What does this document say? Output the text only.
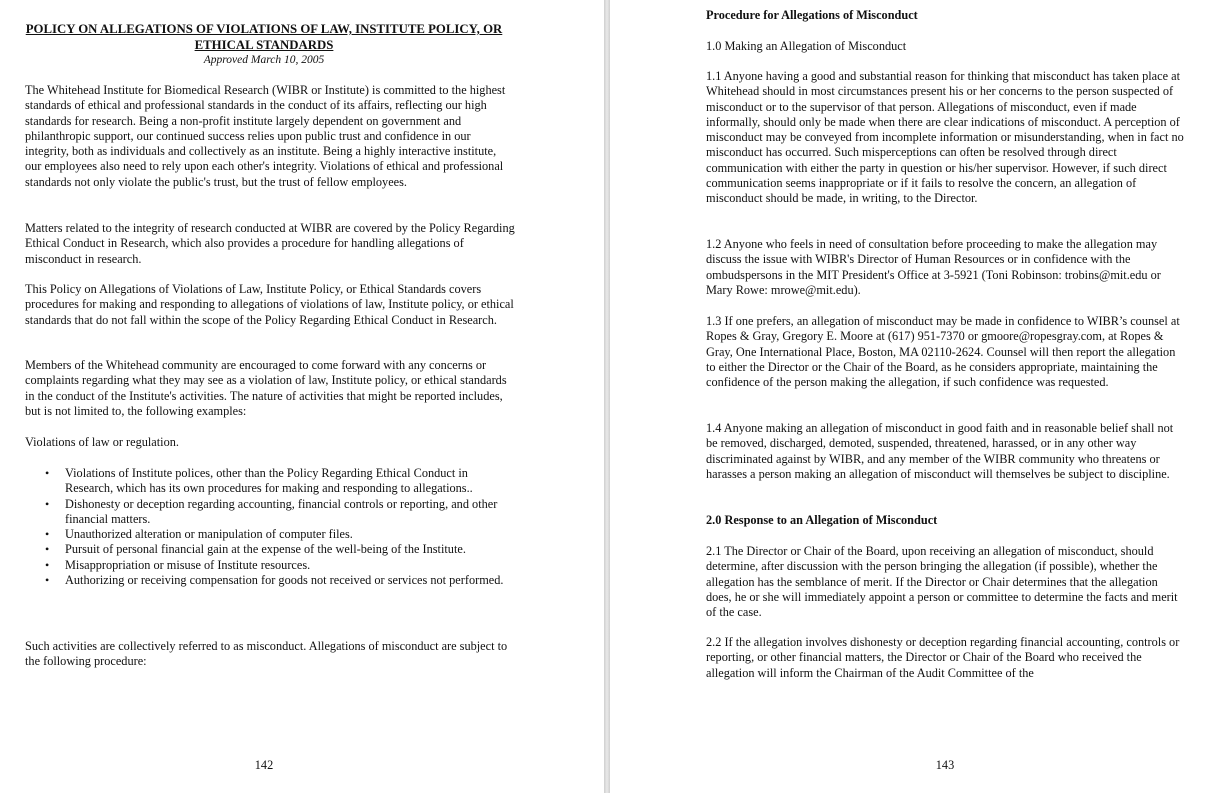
POLICY ON ALLEGATIONS OF VIOLATIONS OF LAW, INSTITUTE POLICY, OR ETHICAL STANDARDS

Approved March 10, 2005

The Whitehead Institute for Biomedical Research (WIBR or Institute) is committed to the highest standards of ethical and professional standards in the conduct of its affairs, reflecting our high standards for research. Being a non-profit institute largely dependent on government and philanthropic support, our continued success relies upon public trust and confidence in our integrity, both as individuals and collectively as an institute. Being a highly interactive institute, our employees also need to rely upon each other's integrity. Violations of ethical and professional standards not only violate the public's trust, but the trust of fellow employees.

Matters related to the integrity of research conducted at WIBR are covered by the Policy Regarding Ethical Conduct in Research, which also provides a procedure for handling allegations of misconduct in research.

This Policy on Allegations of Violations of Law, Institute Policy, or Ethical Standards covers procedures for making and responding to allegations of violations of law, Institute policy, or ethical standards that do not fall within the scope of the Policy Regarding Ethical Conduct in Research.

Members of the Whitehead community are encouraged to come forward with any concerns or complaints regarding what they may see as a violation of law, Institute policy, or ethical standards in the conduct of the Institute's activities. The nature of activities that might be reported includes, but is not limited to, the following examples:

Violations of law or regulation.

• Violations of Institute polices, other than the Policy Regarding Ethical Conduct in Research, which has its own procedures for making and responding to allegations..
• Dishonesty or deception regarding accounting, financial controls or reporting, and other financial matters.
• Unauthorized alteration or manipulation of computer files.
• Pursuit of personal financial gain at the expense of the well-being of the Institute.
• Misappropriation or misuse of Institute resources.
• Authorizing or receiving compensation for goods not received or services not performed.

Such activities are collectively referred to as misconduct. Allegations of misconduct are subject to the following procedure:

142

Procedure for Allegations of Misconduct

1.0 Making an Allegation of Misconduct

1.1 Anyone having a good and substantial reason for thinking that misconduct has taken place at Whitehead should in most circumstances present his or her concerns to the person suspected of misconduct or to the supervisor of that person. Allegations of misconduct, even if made informally, should only be made when there are clear indications of misconduct. A perception of misconduct may be conveyed from incomplete information or misunderstanding, when in fact no misconduct has occurred. Such misperceptions can often be resolved through direct communication with either the party in question or his/her supervisor. However, if such direct communication seems inappropriate or if it fails to resolve the concern, an allegation of misconduct should be made, in writing, to the Director.

1.2 Anyone who feels in need of consultation before proceeding to make the allegation may discuss the issue with WIBR's Director of Human Resources or in confidence with the ombudspersons in the MIT President's Office at 3-5921 (Toni Robinson: trobins@mit.edu or Mary Rowe: mrowe@mit.edu).

1.3 If one prefers, an allegation of misconduct may be made in confidence to WIBR’s counsel at Ropes & Gray, Gregory E. Moore at (617) 951-7370 or gmoore@ropesgray.com, at Ropes & Gray, One International Place, Boston, MA 02110-2624. Counsel will then report the allegation to either the Director or the Chair of the Board, as he considers appropriate, maintaining the confidence of the person making the allegation, if such confidence was requested.

1.4 Anyone making an allegation of misconduct in good faith and in reasonable belief shall not be removed, discharged, demoted, suspended, threatened, harassed, or in any other way discriminated against by WIBR, and any member of the WIBR community who threatens or harasses a person making an allegation of misconduct will themselves be subject to discipline.

2.0 Response to an Allegation of Misconduct

2.1 The Director or Chair of the Board, upon receiving an allegation of misconduct, should determine, after discussion with the person bringing the allegation (if possible), whether the allegation has the semblance of merit. If the Director or Chair determines that the allegation does, he or she will immediately appoint a person or committee to determine the facts and merit of the case.

2.2 If the allegation involves dishonesty or deception regarding financial accounting, controls or reporting, or other financial matters, the Director or Chair of the Board who received the allegation will inform the Chairman of the Audit Committee of the

143
